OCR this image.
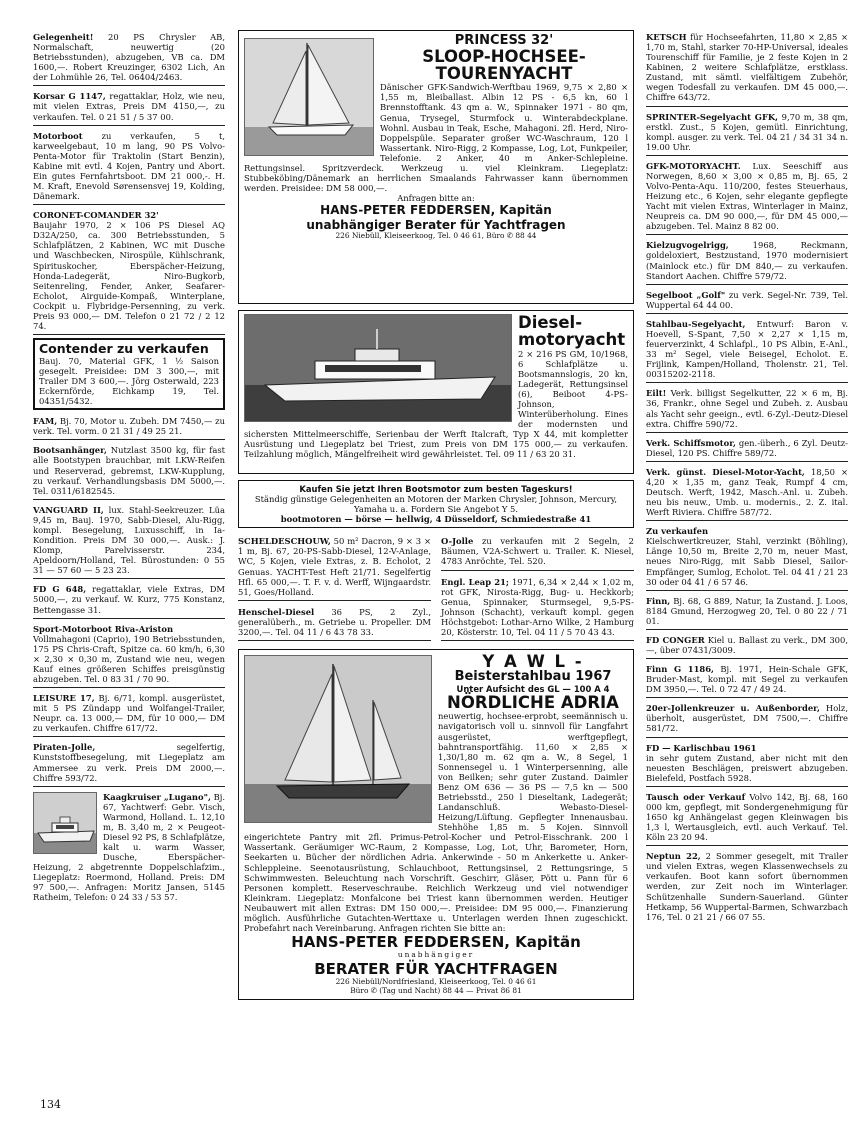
Gelegenheit! 20 PS Chrysler AB, Normalschaft, neuwertig (20 Betriebsstunden), abzugeben, VB ca. DM 1600,—. Robert Kreuzinger, 6302 Lich, An der Lohmühle 26, Tel. 06404/2463.
Korsar G 1147, regattaklar, Holz, wie neu, mit vielen Extras, Preis DM 4150,—, zu verkaufen. Tel. 0 21 51 / 5 37 00.
Motorboot zu verkaufen, 5 t, karweelgebaut, 10 m lang, 90 PS Volvo-Penta-Motor für Traktolin (Start Benzin), Kabine mit evtl. 4 Kojen, Pantry und Abort. Ein gutes Fernfahrtsboot. DM 21 000,-. H. M. Kraft, Enevold Sørensensvej 19, Kolding, Dänemark.
CORONET-COMANDER 32'
Baujahr 1970, 2 × 106 PS Diesel AQ D32A/250, ca. 300 Betriebsstunden, 5 Schlafplätzen, 2 Kabinen, WC mit Dusche und Waschbecken, Nirospüle, Kühlschrank, Spirituskocher, Eberspächer-Heizung, Honda-Ladegerät, Niro-Bugkorb, Seitenreling, Fender, Anker, Seafarer-Echolot, Airguide-Kompaß, Winterplane, Cockpit u. Flybridge-Persenning, zu verk. Preis 93 000,— DM. Telefon 0 21 72 / 2 12 74.
Contender zu verkaufen
Bauj. 70, Material GFK, 1 ½ Saison gesegelt. Preisidee: DM 3 300,—, mit Trailer DM 3 600,—. Jörg Osterwald, 223 Eckernförde, Eichkamp 19, Tel. 04351/5432.
FAM, Bj. 70, Motor u. Zubeh. DM 7450,— zu verk. Tel. vorm. 0 21 31 / 49 25 21.
Bootsanhänger, Nutzlast 3500 kg, für fast alle Bootstypen brauchbar, mit LKW-Reifen und Reserverad, gebremst, LKW-Kupplung, zu verkauf. Verhandlungsbasis DM 5000,—. Tel. 0311/6182545.
VANGUARD II, lux. Stahl-Seekreuzer. Lüa 9,45 m, Bauj. 1970, Sabb-Diesel, Alu-Rigg, kompl. Besegelung, Luxusschiff, in Ia-Kondition. Preis DM 30 000,—. Ausk.: J. Klomp, Parelvisserstr. 234, Apeldoorn/Holland, Tel. Bürostunden: 0 55 31 — 57 60 — 5 23 23.
FD G 648, regattaklar, viele Extras, DM 5000,—, zu verkauf. W. Kurz, 775 Konstanz, Bettengasse 31.
Sport-Motorboot Riva-Ariston
Vollmahagoni (Caprio), 190 Betriebsstunden, 175 PS Chris-Craft, Spitze ca. 60 km/h, 6,30 × 2,30 × 0,30 m, Zustand wie neu, wegen Kauf eines größeren Schiffes preisgünstig abzugeben. Tel. 0 83 31 / 70 90.
LEISURE 17, Bj. 6/71, kompl. ausgerüstet, mit 5 PS Zündapp und Wolfangel-Trailer, Neupr. ca. 13 000,— DM, für 10 000,— DM zu verkaufen. Chiffre 617/72.
Piraten-Jolle,	segelfertig, Kunststoffbesegelung, mit Liegeplatz am Ammersee zu verk. Preis DM 2000,—. Chiffre 593/72.
Kaagkruiser „Lugano", Bj. 67, Yachtwerf: Gebr. Visch, Warmond, Holland. L. 12,10 m, B. 3,40 m, 2 × Peugeot-Diesel 92 PS, 8 Schlafplätze, kalt u. warm Wasser, Dusche, Eberspächer-Heizung, 2 abgetrennte Doppelschlafzim., Liegeplatz: Roermond, Holland. Preis: DM 97 500,—. Anfragen: Moritz Jansen, 5145 Ratheim, Telefon: 0 24 33 / 53 57.
PRINCESS 32'
SLOOP-HOCHSEE-TOURENYACHT
Dänischer GFK-Sandwich-Werftbau 1969, 9,75 × 2,80 × 1,55 m, Bleiballast. Albin 12 PS - 6,5 kn, 60 l Brennstofftank. 43 qm a. W., Spinnaker 1971 - 80 qm, Genua, Trysegel, Sturmfock u. Winterabdeckplane. Wohnl. Ausbau in Teak, Esche, Mahagoni. 2fl. Herd, Niro-Doppelspüle. Separater großer WC-Waschraum, 120 l Wassertank. Niro-Rigg, 2 Kompasse, Log, Lot, Funkpeiler, Telefonie. 2 Anker, 40 m Anker-Schlepleine. Rettungsinsel. Spritzverdeck. Werkzeug u. viel Kleinkram. Liegeplatz: Stubbeköbing/Dänemark an herrlichen Smaalands Fahrwasser kann übernommen werden. Preisidee: DM 58 000,—.
Anfragen bitte an:
HANS-PETER FEDDERSEN, Kapitän
unabhängiger Berater für Yachtfragen
226 Niebüll, Kleiseerkoog, Tel. 0 46 61, Büro ✆ 88 44
Diesel-
motoryacht
2 × 216 PS GM, 10/1968, 6 Schlafplätze u. Bootsmannslogis, 20 kn, Ladegerät, Rettungsinsel (6), Beiboot 4-PS-Johnson, Winterüberholung. Eines der modernsten und sichersten Mittelmeerschiffe, Serienbau der Werft Italcraft, Typ X 44, mit kompletter Ausrüstung und Liegeplatz bei Triest, zum Preis von DM 175 000,— zu verkaufen. Teilzahlung möglich, Mängelfreiheit wird gewährleistet. Tel. 09 11 / 63 20 31.
Kaufen Sie jetzt Ihren Bootsmotor zum besten Tageskurs!
Ständig günstige Gelegenheiten an Motoren der Marken Chrysler, Johnson, Mercury, Yamaha u. a. Fordern Sie Angebot Y 5.
bootmotoren — börse — hellwig, 4 Düsseldorf, Schmiedestraße 41
SCHELDESCHOUW, 50 m² Dacron, 9 × 3 × 1 m, Bj. 67, 20-PS-Sabb-Diesel, 12-V-Anlage, WC, 5 Kojen, viele Extras, z. B. Echolot, 2 Genuas. YACHT-Test Heft 21/71. Segelfertig Hfl. 65 000,—. T. F. v. d. Werff, Wijngaardstr. 51, Goes/Holland.
Henschel-Diesel 36 PS, 2 Zyl., generalüberh., m. Getriebe u. Propeller. DM 3200,—. Tel. 04 11 / 6 43 78 33.
O-Jolle zu verkaufen mit 2 Segeln, 2 Bäumen, V2A-Schwert u. Trailer. K. Niesel, 4783 Anröchte, Tel. 520.
Engl. Leap 21; 1971, 6,34 × 2,44 × 1,02 m, rot GFK, Nirosta-Rigg, Bug- u. Heckkorb; Genua, Spinnaker, Sturmsegel, 9,5-PS-Johnson (Schacht), verkauft kompl. gegen Höchstgebot: Lothar-Arno Wilke, 2 Hamburg 20, Kösterstr. 10, Tel. 04 11 / 5 70 43 43.
Y A W L -
Beisterstahlbau 1967
Unter Aufsicht des GL — 100 A 4
NÖRDLICHE ADRIA
neuwertig, hochsee-erprobt, seemännisch u. navigatorisch voll u. sinnvoll für Langfahrt ausgerüstet, werftgepflegt, bahntransportfähig. 11,60 × 2,85 × 1,30/1,80 m. 62 qm a. W., 8 Segel, 1 Sonnensegel u. 1 Winterpersenning, alle von Beilken; sehr guter Zustand. Daimler Benz OM 636 — 36 PS — 7,5 kn — 500 Betriebsstd., 250 l Dieseltank, Ladegerät; Landanschluß. Webasto-Diesel-Heizung/Lüftung. Gepflegter Innenausbau. Stehhöhe 1,85 m. 5 Kojen. Sinnvoll eingerichtete Pantry mit 2fl. Primus-Petrol-Kocher und Petrol-Eisschrank. 200 l Wassertank. Geräumiger WC-Raum, 2 Kompasse, Log, Lot, Uhr, Barometer, Horn, Seekarten u. Bücher der nördlichen Adria. Ankerwinde - 50 m Ankerkette u. Anker-Schleppleine. Seenotausrüstung, Schlauchboot, Rettungsinsel, 2 Rettungsringe, 5 Schwimmwesten. Beleuchtung nach Vorschrift. Geschirr, Gläser, Pött u. Pann für 6 Personen komplett. Reserveschraube. Reichlich Werkzeug und viel notwendiger Kleinkram. Liegeplatz: Monfalcone bei Triest kann übernommen werden. Heutiger Neubauwert mit allen Extras: DM 150 000,—. Preisidee: DM 95 000,—. Finanzierung möglich. Ausführliche Gutachten-Werttaxe u. Unterlagen werden Ihnen zugeschickt. Probefahrt nach Vereinbarung. Anfragen richten Sie bitte an:
HANS-PETER FEDDERSEN, Kapitän
unabhängiger
BERATER FÜR YACHTFRAGEN
226 Niebüll/Nordfriesland, Kleiseerkoog, Tel. 0 46 61
Büro ✆ (Tag und Nacht) 88 44 — Privat 86 81
KETSCH für Hochseefahrten, 11,80 × 2,85 × 1,70 m, Stahl, starker 70-HP-Universal, ideales Tourenschiff für Familie, je 2 feste Kojen in 2 Kabinen, 2 weitere Schlafplätze, erstklass. Zustand, mit sämtl. vielfältigem Zubehör, wegen Todesfall zu verkaufen. DM 45 000,—. Chiffre 643/72.
SPRINTER-Segelyacht GFK, 9,70 m, 38 qm, erstkl. Zust., 5 Kojen, gemütl. Einrichtung, kompl. ausger. zu verk. Tel. 04 21 / 34 31 34 n. 19.00 Uhr.
GFK-MOTORYACHT. Lux. Seeschiff aus Norwegen, 8,60 × 3,00 × 0,85 m, Bj. 65, 2 Volvo-Penta-Aqu. 110/200, festes Steuerhaus, Heizung etc., 6 Kojen, sehr elegante gepflegte Yacht mit vielen Extras, Winterlager in Mainz, Neupreis ca. DM 90 000,—, für DM 45 000,— abzugeben. Tel. Mainz 8 82 00.
Kielzugvogelrigg,	1968, Reckmann, goldeloxiert, Bestzustand, 1970 modernisiert (Mainlock etc.) für DM 840,— zu verkaufen. Standort Aachen. Chiffre 579/72.
Segelboot „Golf" zu verk. Segel-Nr. 739, Tel. Wuppertal 64 44 00.
Stahlbau-Segelyacht, Entwurf: Baron v. Hoevell, S-Spant, 7,50 × 2,27 × 1,15 m, feuerverzinkt, 4 Schlafpl., 10 PS Albin, E-Anl., 33 m² Segel, viele Beisegel, Echolot. E. Frijlink, Kampen/Holland, Tholenstr. 21, Tel. 00315202-2118.
Eilt! Verk. billigst Segelkutter, 22 × 6 m, Bj. 36, Frankr., ohne Segel und Zubeh. z. Ausbau als Yacht sehr geeign., evtl. 6-Zyl.-Deutz-Diesel extra. Chiffre 590/72.
Verk. Schiffsmotor, gen.-überh., 6 Zyl. Deutz-Diesel, 120 PS. Chiffre 589/72.
Verk. günst. Diesel-Motor-Yacht, 18,50 × 4,20 × 1,35 m, ganz Teak, Rumpf 4 cm, Deutsch. Werft, 1942, Masch.-Anl. u. Zubeh. neu bis neuw., Umb. u. modernis., 2. Z. ital. Werft Riviera. Chiffre 587/72.
Zu verkaufen
Kielschwertkreuzer, Stahl, verzinkt (Böhling), Länge 10,50 m, Breite 2,70 m, neuer Mast, neues Niro-Rigg, mit Sabb Diesel, Sailor-Empfänger, Sumlog, Echolot. Tel. 04 41 / 21 23 30 oder 04 41 / 6 57 46.
Finn, Bj. 68, G 889, Natur, Ia Zustand. J. Loos, 8184 Gmund, Herzogweg 20, Tel. 0 80 22 / 71 01.
FD CONGER Kiel u. Ballast zu verk., DM 300,—, über 07431/3009.
Finn G 1186, Bj. 1971, Hein-Schale GFK, Bruder-Mast, kompl. mit Segel zu verkaufen DM 3950,—. Tel. 0 72 47 / 49 24.
20er-Jollenkreuzer u. Außenborder, Holz, überholt, ausgerüstet, DM 7500,—. Chiffre 581/72.
FD — Karlischbau 1961
in sehr gutem Zustand, aber nicht mit den neuesten Beschlägen, preiswert abzugeben. Bielefeld, Postfach 5928.
Tausch oder Verkauf Volvo 142, Bj. 68, 160 000 km, gepflegt, mit Sondergenehmigung für 1650 kg Anhängelast gegen Kleinwagen bis 1,3 l, Wertausgleich, evtl. auch Verkauf. Tel. Köln 23 20 94.
Neptun 22, 2 Sommer gesegelt, mit Trailer und vielen Extras, wegen Klassenwechsels zu verkaufen. Boot kann sofort übernommen werden, zur Zeit noch im Winterlager. Schützenhalle Sundern-Sauerland. Günter Hetkamp, 56 Wuppertal-Barmen, Schwarzbach 176, Tel. 0 21 21 / 66 07 55.
134
